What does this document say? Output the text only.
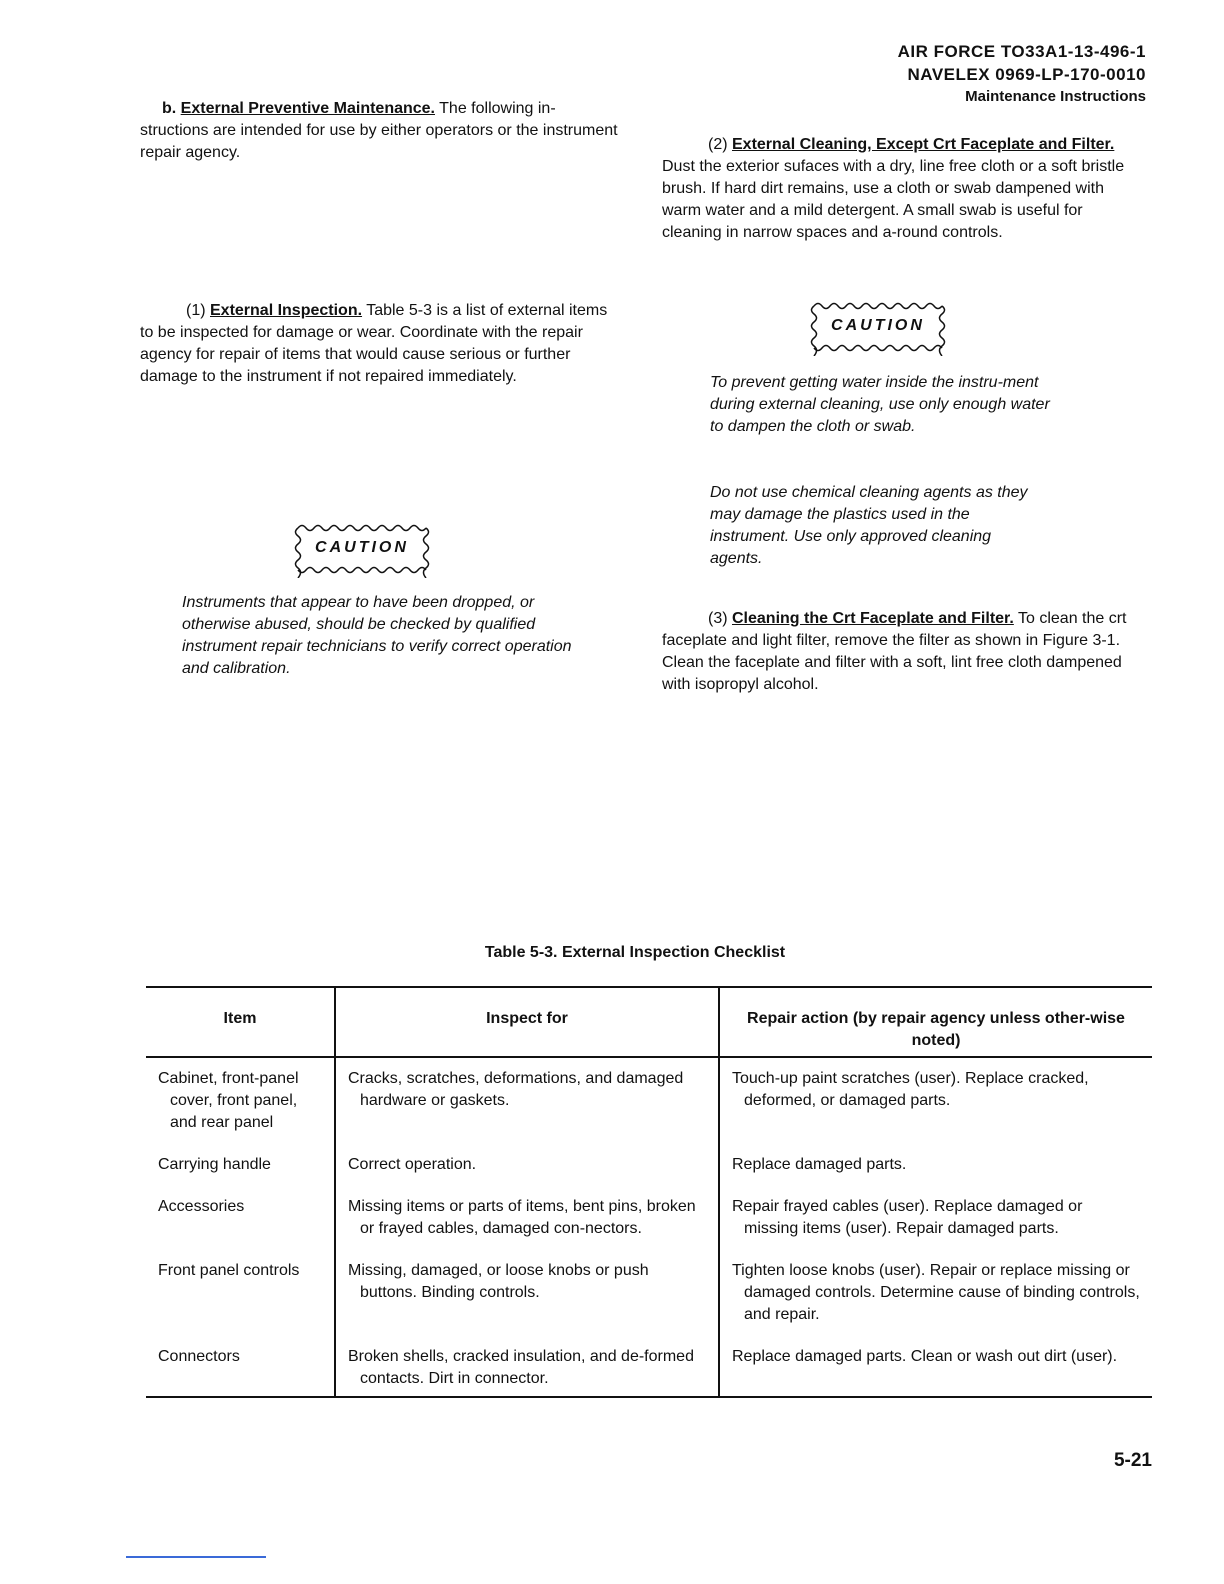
AIR FORCE TO33A1-13-496-1
NAVELEX 0969-LP-170-0010
Maintenance Instructions
b. External Preventive Maintenance. The following in- structions are intended for use by either operators or the instrument repair agency.
(1) External Inspection. Table 5-3 is a list of external items to be inspected for damage or wear. Coordinate with the repair agency for repair of items that would cause serious or further damage to the instrument if not repaired immediately.
CAUTION
Instruments that appear to have been dropped, or otherwise abused, should be checked by qualified instrument repair technicians to verify correct operation and calibration.
(2) External Cleaning, Except Crt Faceplate and Filter. Dust the exterior sufaces with a dry, line free cloth or a soft bristle brush. If hard dirt remains, use a cloth or swab dampened with warm water and a mild detergent. A small swab is useful for cleaning in narrow spaces and a-round controls.
CAUTION
To prevent getting water inside the instru-ment during external cleaning, use only enough water to dampen the cloth or swab.
Do not use chemical cleaning agents as they may damage the plastics used in the instrument. Use only approved cleaning agents.
(3) Cleaning the Crt Faceplate and Filter. To clean the crt faceplate and light filter, remove the filter as shown in Figure 3-1. Clean the faceplate and filter with a soft, lint free cloth dampened with isopropyl alcohol.
Table 5-3. External Inspection Checklist
Item	Inspect for	Repair action (by repair agency unless other-wise noted)

Cabinet, front-panel cover, front panel, and rear panel	Cracks, scratches, deformations, and damaged hardware or gaskets.	Touch-up paint scratches (user). Replace cracked, deformed, or damaged parts.

Carrying handle	Correct operation.	Replace damaged parts.

Accessories	Missing items or parts of items, bent pins, broken or frayed cables, damaged con-nectors.	Repair frayed cables (user). Replace damaged or missing items (user). Repair damaged parts.

Front panel controls	Missing, damaged, or loose knobs or push buttons. Binding controls.	Tighten loose knobs (user). Repair or replace missing or damaged controls. Determine cause of binding controls, and repair.

Connectors	Broken shells, cracked insulation, and de-formed contacts. Dirt in connector.	Replace damaged parts. Clean or wash out dirt (user).
5-21
